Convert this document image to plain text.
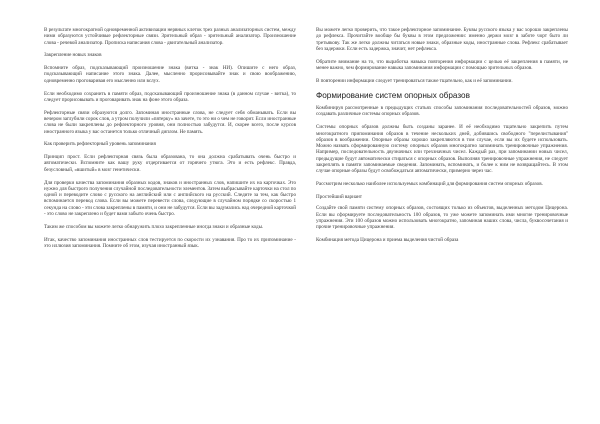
В результате многократной одновременной активизации нервных клеток трех разных анализаторных систем, между ними образуются устойчивые рефлекторные связи. Зрительный образ - зрительный анализатор. Произношение слова - речевой анализатор. Прописка написания слова - двигательный анализатор.

Закрепление новых знаков

Вспомните образ, подсказывающий произношение знака (витка - знак НИ). Опишите с него образ, подсказывающий написание этого знака. Далее, мысленно прорисовывайте знак и свою воображению, одновременно проговаривая его мысленно или вслух.

Если необходимо сохранить в памяти образ, подсказывающий произношение знака (в данном случае - витка), то следует прорисовывать и проговаривать знак на фоне этого образа.

Рефлекторные связи образуются долго. Запоминая иностранные слова, не следует себя обманывать. Если вы вечером заглубили сорок слов, а утром получили «пятерку» на зачете, то это ни о чем не говорит. Если иностранные слова не были закреплены до рефлекторного уровня, они полностью забудутся. И, скорее всего, после курсов иностранного языка у вас останется только отличный диплом. Не память.

Как проверить рефлекторный уровень запоминания

Принцип прост. Если рефлекторная связь была образована, то она должна срабатывать очень быстро и автоматически. Вспомните как вашу руку отдергивается от горячего утюга. Это и есть рефлекс. Правда, безусловный, «вшитый» в мозг генетически.

Для проверки качества запоминания образных кодов, знаков и иностранных слов, напишите их на карточках. Это нужно для быстрого получения случайной последовательности элементов. Затем выбрасывайте карточки на стол по одной и переводите слово с русского на английский или с английского на русский. Следите за тем, как быстро вспоминается перевод слова. Если вы можете перевести слова, следующие в случайном порядке со скоростью 1 секунда на слово - эти слова закреплены в памяти, и они не забудутся. Если вы задумались над очередной карточкой - это слово не закреплено и будет вами забыто очень быстро.

Таким же способом вы можете легко обнаружить плохо закрепленные иногда знаки и образные коды.

Итак, качество запоминания иностранных слов тестируется по скорости их узнавания. Про то их припоминание - это иллюзия запоминания. Помните об этом, изучая иностранный язык.

Вы можете легко проверить, что такое рефлекторное запоминание. Буквы русского языка у вас хорошо закреплены до рефлекса. Прочитайте вообще бы буквы в этом предложении: именно держи мозг в заботе чорт быто ли третьякову. Так же легко должны читаться новые знаки, образные коды, иностранные слова. Рефлекс срабатывает без задержки. Если есть задержка, значит, нет рефлекса.

Обратите внимание на то, что выработка навыка повторения информации с целью её закрепления в памяти, не менее важно, чем формирование навыка запоминания информации с помощью зрительных образов.

В повторении информации следует тренироваться также тщательно, как и её запоминании.

Формирование систем опорных образов

Комбинируя рассмотренные в предыдущих статьях способы запоминания последовательностей образов, можно создавать различные системы опорных образов.

Системы опорных образов должны быть созданы заранее. И её необходимо тщательно закрепить путем многократного припоминания образов в течение нескольких дней, добившись свободного "перелистывания" образов в воображении. Опорные образы хорошо закрепляются в том случае, если вы их будете использовать. Можно назвать сформированную систему опорных образов многократно запоминать тренировочные упражнения. Например, последовательность двузначных или трехзначных чисел. Каждый раз, при запоминании новых чисел, предыдущие будут автоматически стираться с опорных образов. Выполняя тренировочные упражнения, не следует закреплять в памяти запоминаемые сведения. Запоминать, вспоминать, и более к ним не возвращайтесь. В этом случае опорные образы будут освобождаться автоматически, примерно через час.

Рассмотрим несколько наиболее используемых комбинаций для формирования систем опорных образов.

Простейший вариант

Создайте свой памяти систему опорных образов, состоящих только из объектов, выделенных методом Цицерона. Если вы сформируете последовательность 100 образов, то уже можете запоминать ими многие тренировочные упражнения. Эти 100 образов можно использовать многократно, запоминая наших слова, числа, буквосочетания и прочие тренировочные упражнения.

Комбинация метода Цицерона и приема выделения чистой образа
